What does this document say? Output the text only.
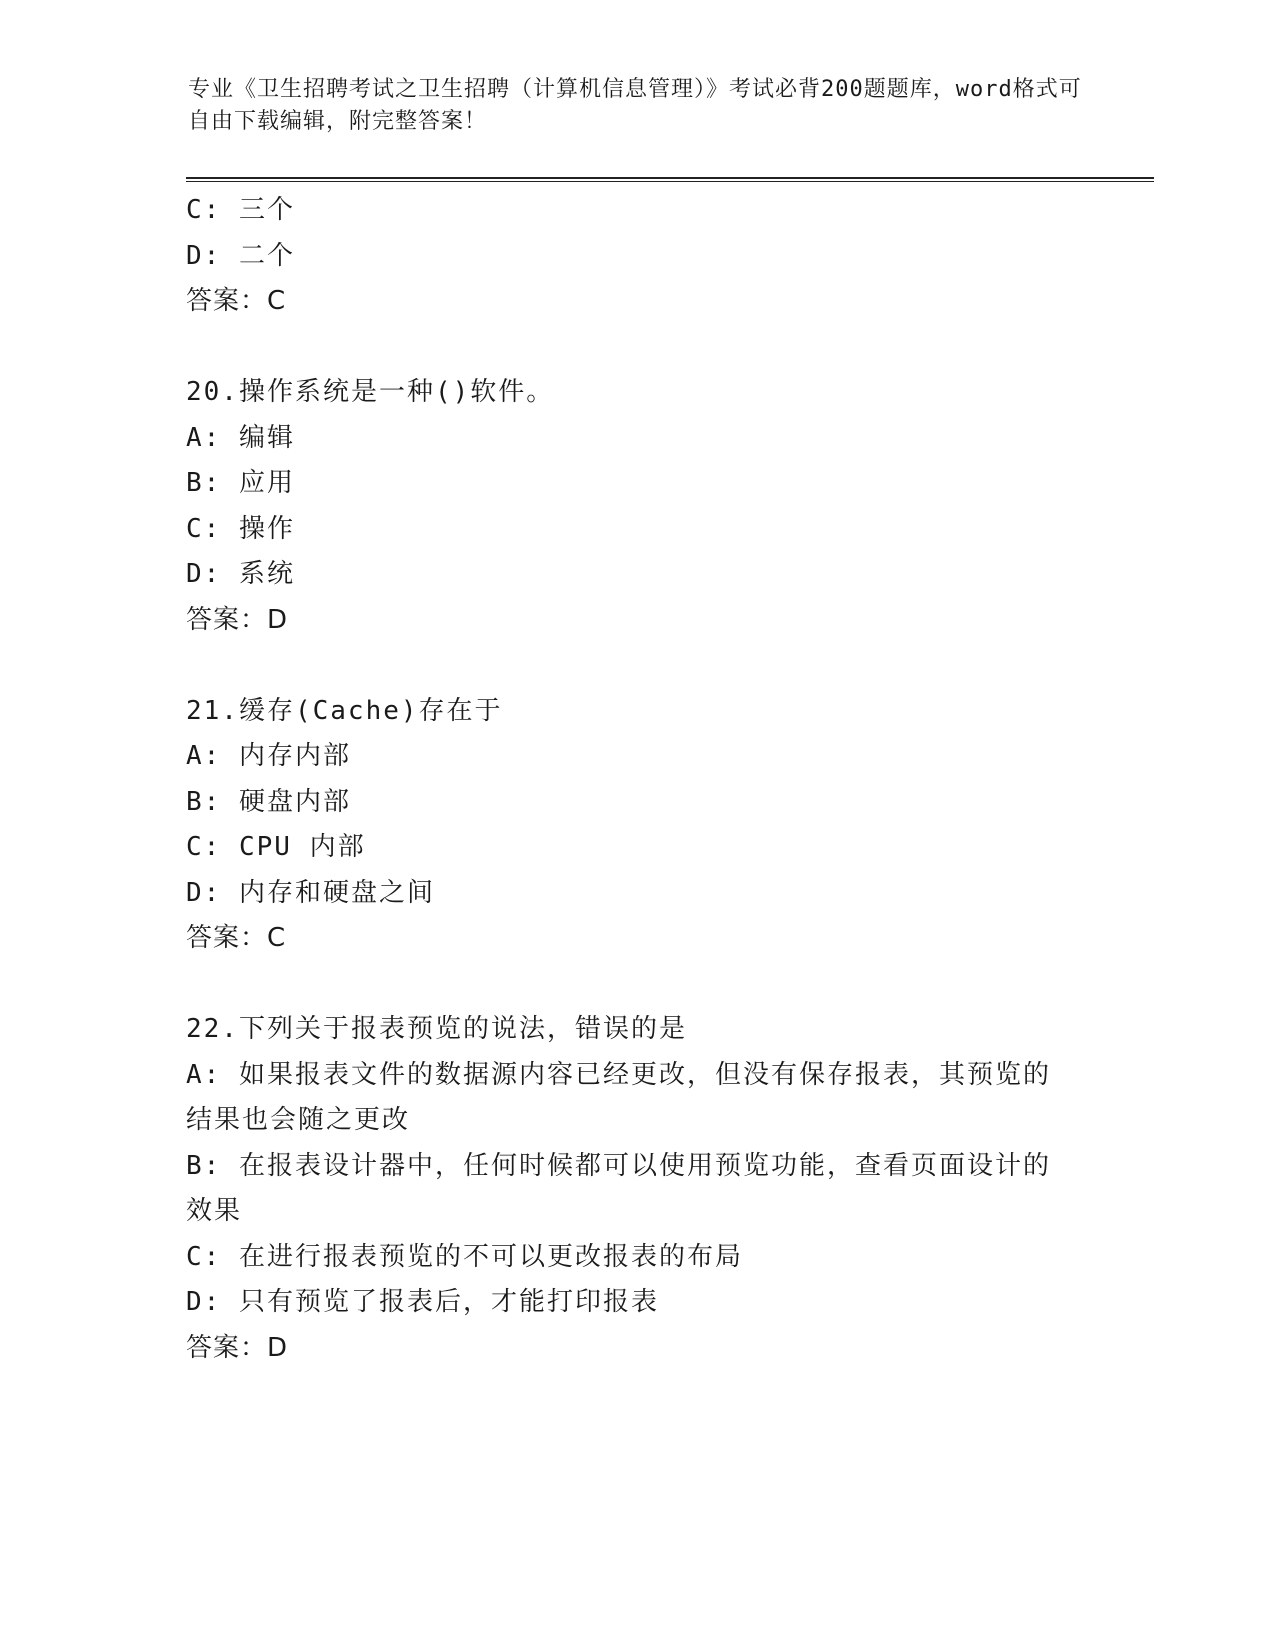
专业《卫生招聘考试之卫生招聘（计算机信息管理）》考试必背200题题库，word格式可自由下载编辑，附完整答案！
C: 三个
D: 二个
答案：C
20.操作系统是一种()软件。
A: 编辑
B: 应用
C: 操作
D: 系统
答案：D
21.缓存(Cache)存在于
A: 内存内部
B: 硬盘内部
C: CPU 内部
D: 内存和硬盘之间
答案：C
22.下列关于报表预览的说法，错误的是
A: 如果报表文件的数据源内容已经更改，但没有保存报表，其预览的结果也会随之更改
B: 在报表设计器中，任何时候都可以使用预览功能，查看页面设计的效果
C: 在进行报表预览的不可以更改报表的布局
D: 只有预览了报表后，才能打印报表
答案：D
